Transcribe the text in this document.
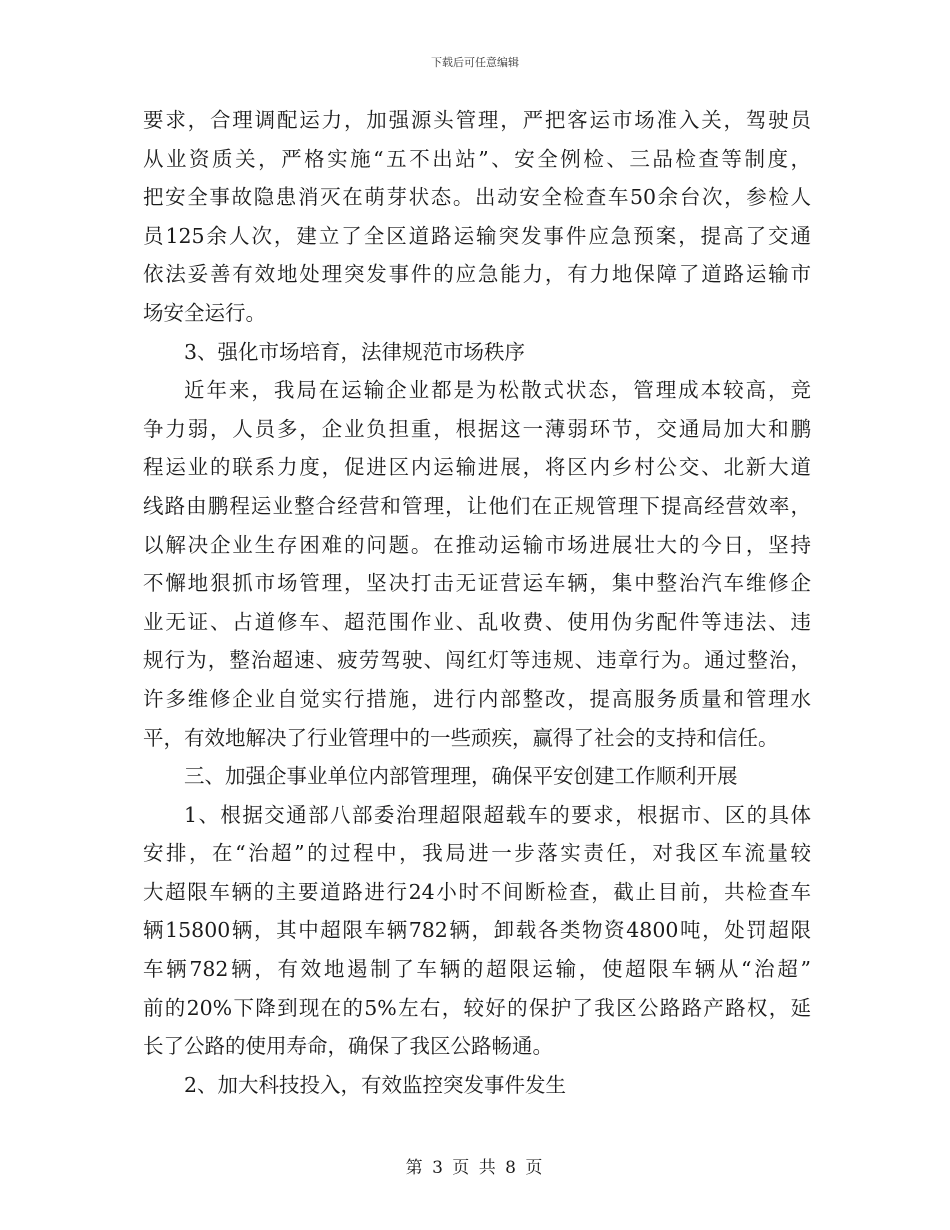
下载后可任意编辑
要求，合理调配运力，加强源头管理，严把客运市场准入关，驾驶员
从业资质关，严格实施“五不出站”、安全例检、三品检查等制度，
把安全事故隐患消灭在萌芽状态。出动安全检查车50余台次，参检人
员125余人次，建立了全区道路运输突发事件应急预案，提高了交通
依法妥善有效地处理突发事件的应急能力，有力地保障了道路运输市
场安全运行。
3、强化市场培育，法律规范市场秩序
近年来，我局在运输企业都是为松散式状态，管理成本较高，竞
争力弱，人员多，企业负担重，根据这一薄弱环节，交通局加大和鹏
程运业的联系力度，促进区内运输进展，将区内乡村公交、北新大道
线路由鹏程运业整合经营和管理，让他们在正规管理下提高经营效率，
以解决企业生存困难的问题。在推动运输市场进展壮大的今日，坚持
不懈地狠抓市场管理，坚决打击无证营运车辆，集中整治汽车维修企
业无证、占道修车、超范围作业、乱收费、使用伪劣配件等违法、违
规行为，整治超速、疲劳驾驶、闯红灯等违规、违章行为。通过整治，
许多维修企业自觉实行措施，进行内部整改，提高服务质量和管理水
平，有效地解决了行业管理中的一些顽疾，赢得了社会的支持和信任。
三、加强企事业单位内部管理理，确保平安创建工作顺利开展
1、根据交通部八部委治理超限超载车的要求，根据市、区的具体
安排，在“治超”的过程中，我局进一步落实责任，对我区车流量较
大超限车辆的主要道路进行24小时不间断检查，截止目前，共检查车
辆15800辆，其中超限车辆782辆，卸载各类物资4800吨，处罚超限
车辆782辆，有效地遏制了车辆的超限运输，使超限车辆从“治超”
前的20%下降到现在的5%左右，较好的保护了我区公路路产路权，延
长了公路的使用寿命，确保了我区公路畅通。
2、加大科技投入，有效监控突发事件发生
第 3 页 共 8 页
